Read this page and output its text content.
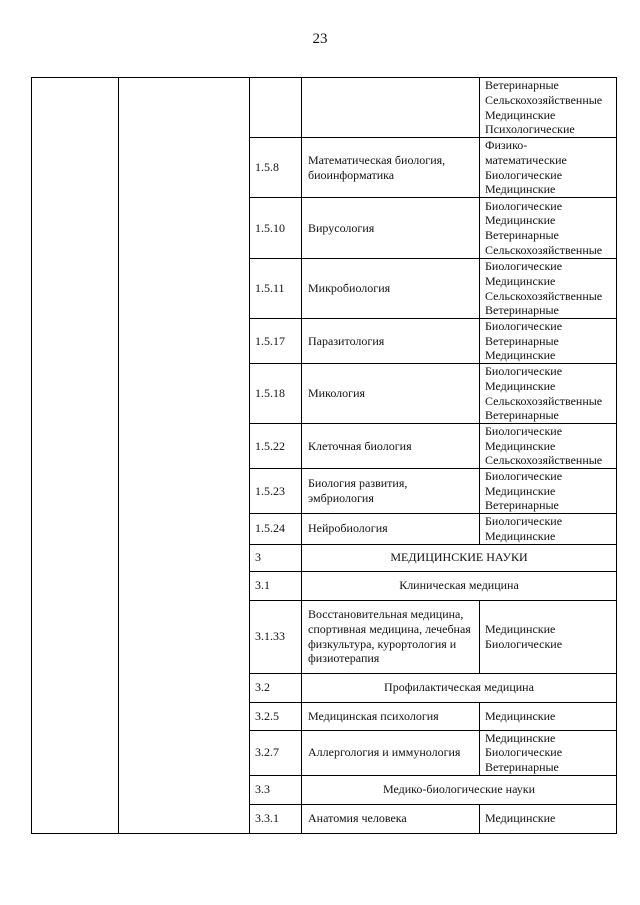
23

				Ветеринарные
Сельскохозяйственные
Медицинские
Психологические

		1.5.8	Математическая биология, биоинформатика	Физико-
математические
Биологические
Медицинские

		1.5.10	Вирусология	Биологические
Медицинские
Ветеринарные
Сельскохозяйственные

		1.5.11	Микробиология	Биологические
Медицинские
Сельскохозяйственные
Ветеринарные

		1.5.17	Паразитология	Биологические
Ветеринарные
Медицинские

		1.5.18	Микология	Биологические
Медицинские
Сельскохозяйственные
Ветеринарные

		1.5.22	Клеточная биология	Биологические
Медицинские
Сельскохозяйственные

		1.5.23	Биология развития, эмбриология	Биологические
Медицинские
Ветеринарные

		1.5.24	Нейробиология	Биологические
Медицинские

		3	МЕДИЦИНСКИЕ НАУКИ	
		3.1	Клиническая медицина	
		3.1.33	Восстановительная медицина, спортивная медицина, лечебная физкультура, курортология и физиотерапия	Медицинские
Биологические

		3.2	Профилактическая медицина	
		3.2.5	Медицинская психология	Медицинские

		3.2.7	Аллергология и иммунология	Медицинские
Биологические
Ветеринарные

		3.3	Медико-биологические науки	
		3.3.1	Анатомия человека	Медицинские
